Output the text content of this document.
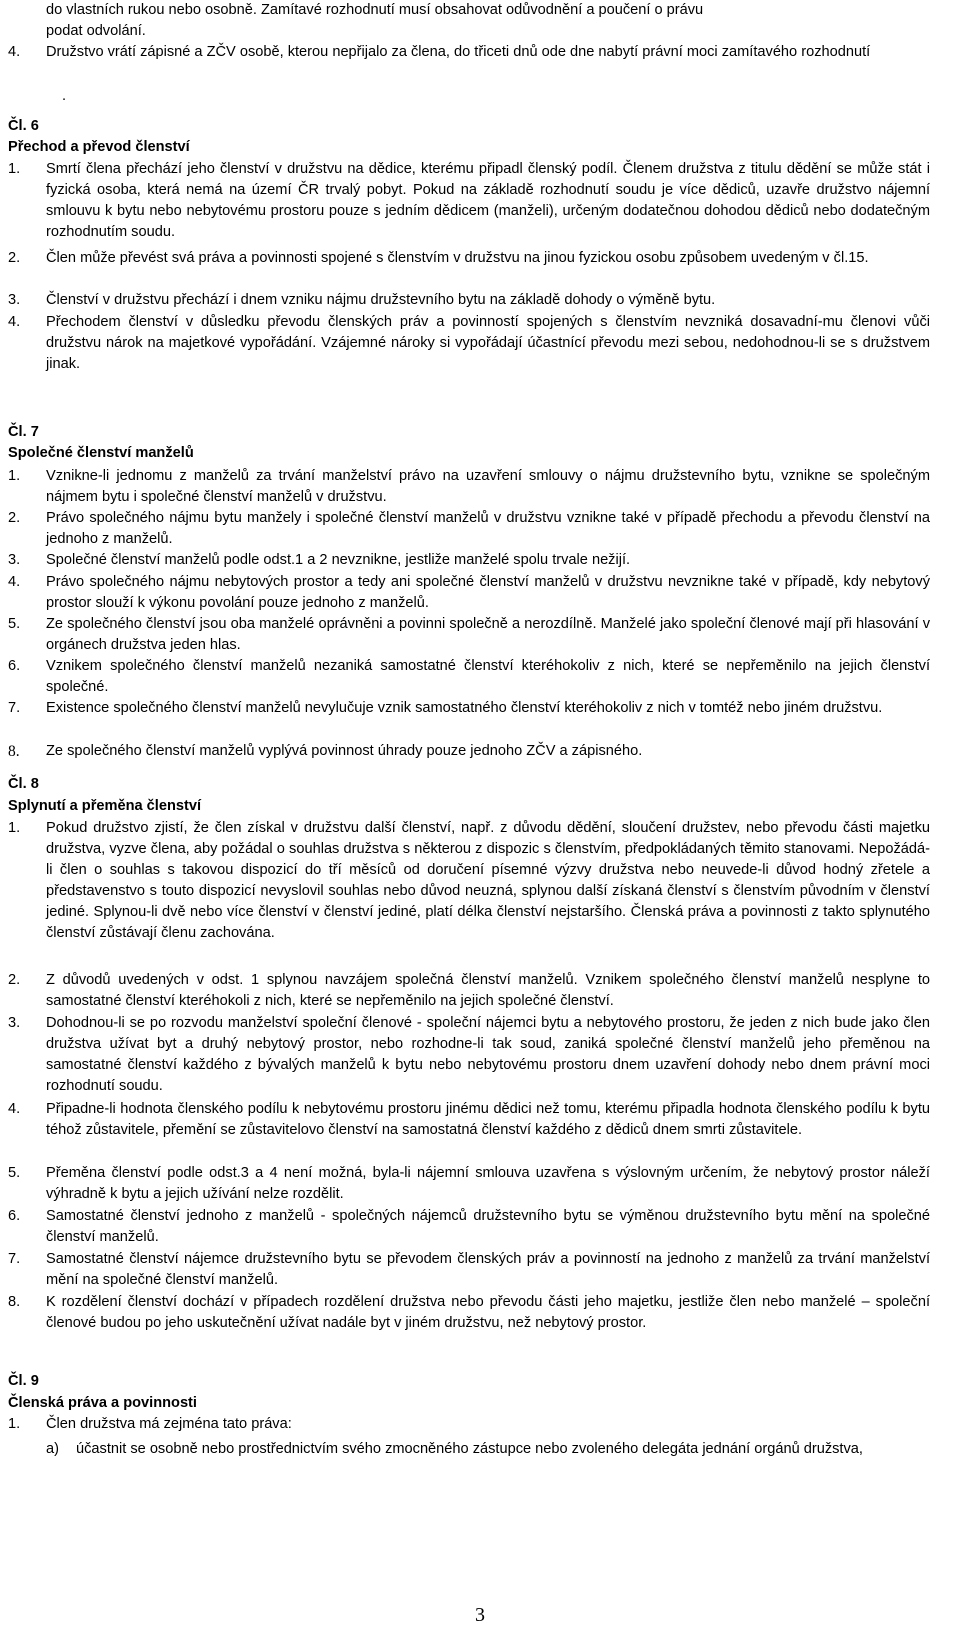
do vlastních rukou nebo osobně. Zamítavé rozhodnutí musí obsahovat odůvodnění a poučení o právu
podat odvolání.
4. Družstvo vrátí zápisné a ZČV osobě, kterou nepřijalo za člena, do třiceti dnů ode dne nabytí právní moci zamítavého rozhodnutí
.
Čl. 6
Přechod a převod členství
1. Smrtí člena přechází jeho členství v družstvu na dědice, kterému připadl členský podíl. Členem družstva z titulu dědění se může stát i fyzická osoba, která nemá na území ČR trvalý pobyt. Pokud na základě rozhodnutí soudu je více dědiců, uzavře družstvo nájemní smlouvu k bytu nebo nebytovému prostoru pouze s jedním dědicem (manželi), určeným dodatečnou dohodou dědiců nebo dodatečným rozhodnutím soudu.
2. Člen může převést svá práva a povinnosti spojené s členstvím v družstvu na jinou fyzickou osobu způsobem uvedeným v čl.15.
3. Členství v družstvu přechází i dnem vzniku nájmu družstevního bytu na základě dohody o výměně bytu.
4. Přechodem členství v důsledku převodu členských práv a povinností spojených s členstvím nevzniká dosavadní-mu členovi vůči družstvu nárok na majetkové vypořádání. Vzájemné nároky si vypořádají účastnící převodu mezi sebou, nedohodnou-li se s družstvem jinak.
Čl. 7
Společné členství manželů
1. Vznikne-li jednomu z manželů za trvání manželství právo na uzavření smlouvy o nájmu družstevního bytu, vznikne se společným nájmem bytu i společné členství manželů v družstvu.
2. Právo společného nájmu bytu manžely i společné členství manželů v družstvu vznikne také v případě přechodu a převodu členství na jednoho z manželů.
3. Společné členství manželů podle odst.1 a 2 nevznikne, jestliže manželé spolu trvale nežijí.
4. Právo společného nájmu nebytových prostor a tedy ani společné členství manželů v družstvu nevznikne také v případě, kdy nebytový prostor slouží k výkonu povolání pouze jednoho z manželů.
5. Ze společného členství jsou oba manželé oprávněni a povinni společně a nerozdílně. Manželé jako společní členové mají při hlasování v orgánech družstva jeden hlas.
6. Vznikem společného členství manželů nezaniká samostatné členství kteréhokoliv z nich, které se nepřeměnilo na jejich členství společné.
7. Existence společného členství manželů nevylučuje vznik samostatného členství kteréhokoliv z nich v tomtéž nebo jiném družstvu.
8. Ze společného členství manželů vyplývá povinnost úhrady pouze jednoho ZČV a zápisného.
Čl. 8
Splynutí a přeměna členství
1. Pokud družstvo zjistí, že člen získal v družstvu další členství, např. z důvodu dědění, sloučení družstev, nebo převodu části majetku družstva, vyzve člena, aby požádal o souhlas družstva s některou z dispozic s členstvím, předpokládaných těmito stanovami. Nepožádá-li člen o souhlas s takovou dispozicí do tří měsíců od doručení písemné výzvy družstva nebo neuvede-li důvod hodný zřetele a představenstvo s touto dispozicí nevyslovil souhlas nebo důvod neuzná, splynou další získaná členství s členstvím původním v členství jediné. Splynou-li dvě nebo více členství v členství jediné, platí délka členství nejstaršího. Členská práva a povinnosti z takto splynutého členství zůstávají členu zachována.
2. Z důvodů uvedených v odst. 1 splynou navzájem společná členství manželů. Vznikem společného členství manželů nesplyne to samostatné členství kteréhokoli z nich, které se nepřeměnilo na jejich společné členství.
3. Dohodnou-li se po rozvodu manželství společní členové - společní nájemci bytu a nebytového prostoru, že jeden z nich bude jako člen družstva užívat byt a druhý nebytový prostor, nebo rozhodne-li tak soud, zaniká společné členství manželů jeho přeměnou na samostatné členství každého z bývalých manželů k bytu nebo nebytovému prostoru dnem uzavření dohody nebo dnem právní moci rozhodnutí soudu.
4. Připadne-li hodnota členského podílu k nebytovému prostoru jinému dědici než tomu, kterému připadla hodnota členského podílu k bytu téhož zůstavitele, přemění se zůstavitelovo členství na samostatná členství každého z dědiců dnem smrti zůstavitele.
5. Přeměna členství podle odst.3 a 4 není možná, byla-li nájemní smlouva uzavřena s výslovným určením, že nebytový prostor náleží výhradně k bytu a jejich užívání nelze rozdělit.
6. Samostatné členství jednoho z manželů - společných nájemců družstevního bytu se výměnou družstevního bytu mění na společné členství manželů.
7. Samostatné členství nájemce družstevního bytu se převodem členských práv a povinností na jednoho z manželů za trvání manželství mění na společné členství manželů.
8. K rozdělení členství dochází v případech rozdělení družstva nebo převodu části jeho majetku, jestliže člen nebo manželé – společní členové budou po jeho uskutečnění užívat nadále byt v jiném družstvu, než nebytový prostor.
Čl. 9
Členská práva a povinnosti
1. Člen družstva má zejména tato práva:
a) účastnit se osobně nebo prostřednictvím svého zmocněného zástupce nebo zvoleného delegáta jednání orgánů družstva,
3
